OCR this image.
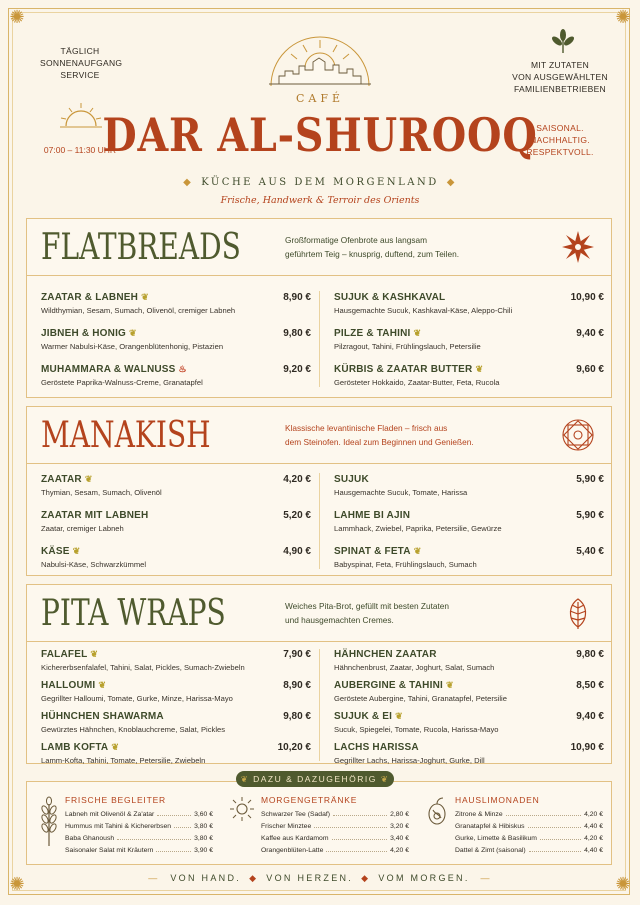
✺	✺
✺	✺
TÄGLICH
SONNENAUFGANG
SERVICE
07:00 – 11:30 UHR
MIT ZUTATEN
VON AUSGEWÄHLTEN
FAMILIENBETRIEBEN
SAISONAL.
NACHHALTIG.
RESPEKTVOLL.
CAFÉ
DAR AL-SHUROOQ
◆ KÜCHE AUS DEM MORGENLAND ◆
Frische, Handwerk & Terroir des Orients
FLATBREADS	Großformatige Ofenbrote aus langsam
geführtem Teig – knusprig, duftend, zum Teilen.
ZAATAR & LABNEH ❦	8,90 €
Wildthymian, Sesam, Sumach, Olivenöl, cremiger Labneh
JIBNEH & HONIG ❦	9,80 €
Warmer Nabulsi-Käse, Orangenblütenhonig, Pistazien
MUHAMMARA & WALNUSS ♨	9,20 €
Geröstete Paprika-Walnuss-Creme, Granatapfel
SUJUK & KASHKAVAL	10,90 €
Hausgemachte Sucuk, Kashkaval-Käse, Aleppo-Chili
PILZE & TAHINI ❦	9,40 €
Pilzragout, Tahini, Frühlingslauch, Petersilie
KÜRBIS & ZAATAR BUTTER ❦	9,60 €
Gerösteter Hokkaido, Zaatar-Butter, Feta, Rucola
MANAKISH	Klassische levantinische Fladen – frisch aus
dem Steinofen. Ideal zum Beginnen und Genießen.
ZAATAR ❦	4,20 €
Thymian, Sesam, Sumach, Olivenöl
ZAATAR MIT LABNEH	5,20 €
Zaatar, cremiger Labneh
KÄSE ❦	4,90 €
Nabulsi-Käse, Schwarzkümmel
SUJUK	5,90 €
Hausgemachte Sucuk, Tomate, Harissa
LAHME BI AJIN	5,90 €
Lammhack, Zwiebel, Paprika, Petersilie, Gewürze
SPINAT & FETA ❦	5,40 €
Babyspinat, Feta, Frühlingslauch, Sumach
PITA WRAPS	Weiches Pita-Brot, gefüllt mit besten Zutaten
und hausgemachten Cremes.
FALAFEL ❦	7,90 €
Kichererbsenfalafel, Tahini, Salat, Pickles, Sumach-Zwiebeln
HALLOUMI ❦	8,90 €
Gegrillter Halloumi, Tomate, Gurke, Minze, Harissa-Mayo
HÜHNCHEN SHAWARMA	9,80 €
Gewürztes Hähnchen, Knoblauchcreme, Salat, Pickles
LAMB KOFTA ❦	10,20 €
Lamm-Kofta, Tahini, Tomate, Petersilie, Zwiebeln
HÄHNCHEN ZAATAR	9,80 €
Hähnchenbrust, Zaatar, Joghurt, Salat, Sumach
AUBERGINE & TAHINI ❦	8,50 €
Geröstete Aubergine, Tahini, Granatapfel, Petersilie
SUJUK & EI ❦	9,40 €
Sucuk, Spiegelei, Tomate, Rucola, Harissa-Mayo
LACHS HARISSA	10,90 €
Gegrillter Lachs, Harissa-Joghurt, Gurke, Dill
FRISCHE BEGLEITER
Labneh mit Olivenöl & Za'atar	3,60 €
Hummus mit Tahini & Kichererbsen	3,80 €
Baba Ghanoush	3,80 €
Saisonaler Salat mit Kräutern	3,90 €
MORGENGETRÄNKE
Schwarzer Tee (Sadaf)	2,80 €
Frischer Minztee	3,20 €
Kaffee aus Kardamom	3,40 €
Orangenblüten-Latte	4,20 €
HAUSLIMONADEN
Zitrone & Minze	4,20 €
Granatapfel & Hibiskus	4,40 €
Gurke, Limette & Basilikum	4,20 €
Dattel & Zimt (saisonal)	4,40 €
❦ DAZU & DAZUGEHÖRIG ❦
— VON HAND. ◆ VON HERZEN. ◆ VOM MORGEN. —
